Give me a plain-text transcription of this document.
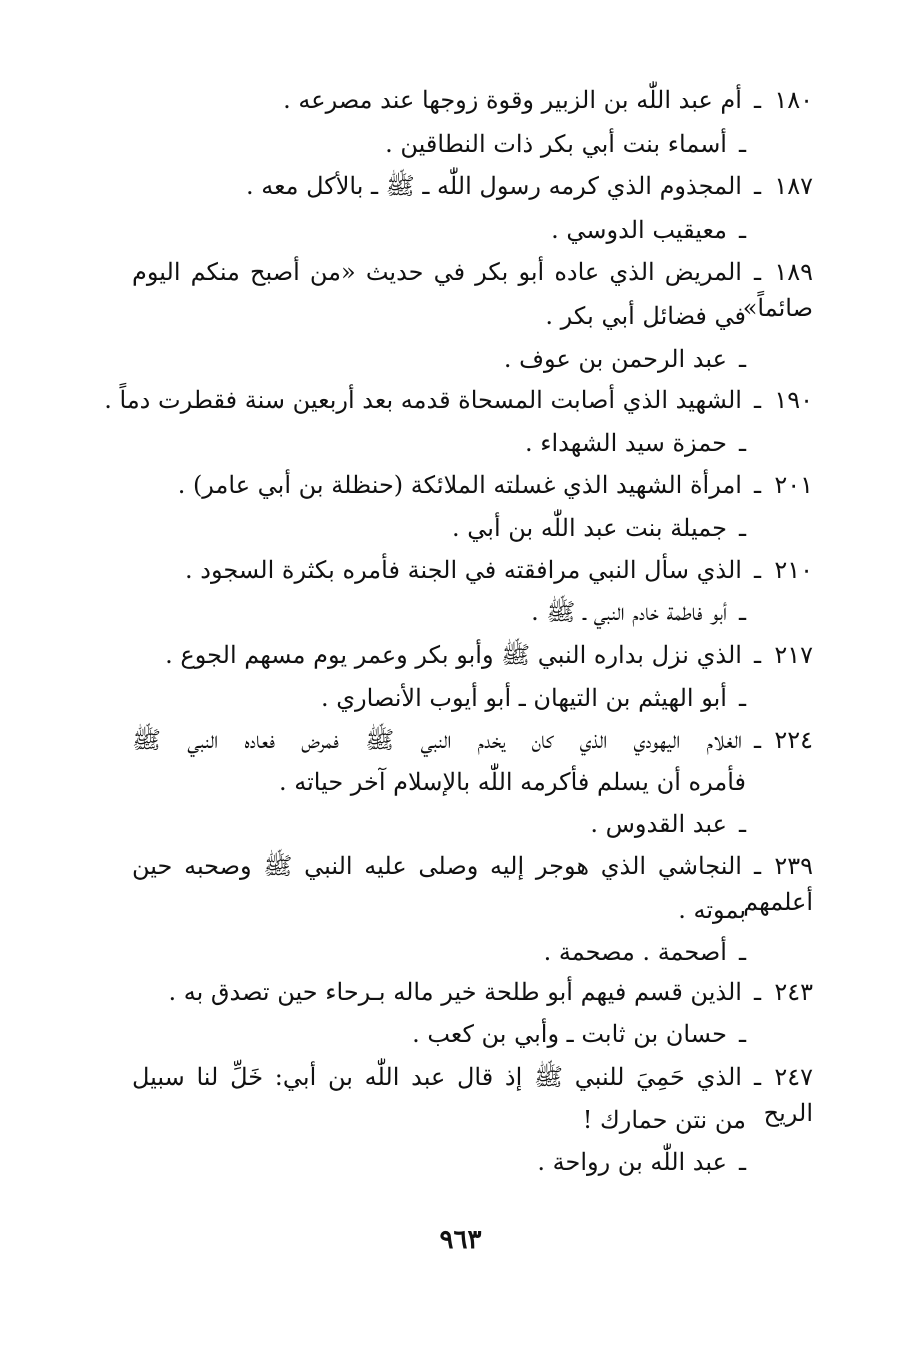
١٨٠ـأم عبد اللّٰه بن الزبير وقوة زوجها عند مصرعه .
ـأسماء بنت أبي بكر ذات النطاقين .
١٨٧ـالمجذوم الذي كرمه رسول اللّٰه ـ ﷺ ـ بالأكل معه .
ـمعيقيب الدوسي .
١٨٩ـالمريض الذي عاده أبو بكر في حديث «من أصبح منكم اليوم صائماً»
في فضائل أبي بكر .
ـعبد الرحمن بن عوف .
١٩٠ـالشهيد الذي أصابت المسحاة قدمه بعد أربعين سنة فقطرت دماً .
ـحمزة سيد الشهداء .
٢٠١ـامرأة الشهيد الذي غسلته الملائكة (حنظلة بن أبي عامر) .
ـجميلة بنت عبد اللّٰه بن أبي .
٢١٠ـالذي سأل النبي مرافقته في الجنة فأمره بكثرة السجود .
ـأبو فاطمة خادم النبي ـ ﷺ .
٢١٧ـالذي نزل بداره النبي ﷺ وأبو بكر وعمر يوم مسهم الجوع .
ـأبو الهيثم بن التيهان ـ أبو أيوب الأنصاري .
٢٢٤ـالغلام اليهودي الذي كان يخدم النبي ﷺ فمرض فعاده النبي ﷺ
فأمره أن يسلم فأكرمه اللّٰه بالإسلام آخر حياته .
ـعبد القدوس .
٢٣٩ـالنجاشي الذي هوجر إليه وصلى عليه النبي ﷺ وصحبه حين أعلمهم
بموته .
ـأصحمة . مصحمة .
٢٤٣ـالذين قسم فيهم أبو طلحة خير ماله بـرحاء حين تصدق به .
ـحسان بن ثابت ـ وأبي بن كعب .
٢٤٧ـالذي حَمِيَ للنبي ﷺ إذ قال عبد اللّٰه بن أبي: خَلِّ لنا سبيل الريح
من نتن حمارك !
ـعبد اللّٰه بن رواحة .
٩٦٣
